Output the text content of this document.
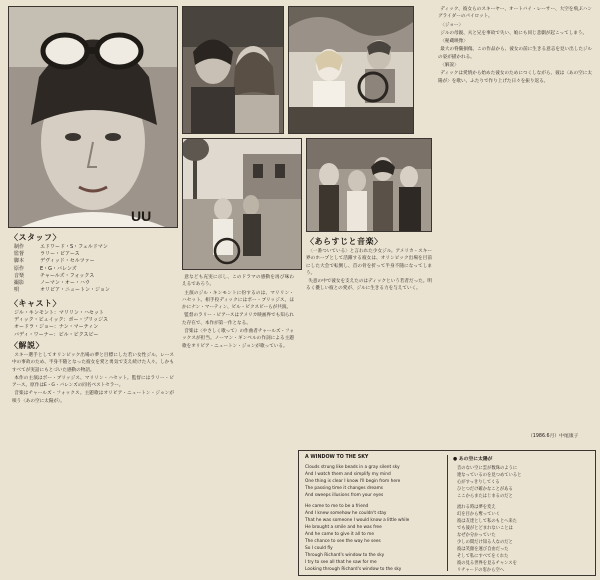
UU
〈スタッフ〉
制作	エドワード・S・フェルドマン
監督	ラリー・ピアース
脚本	デヴィッド・セルツァー
原作	E・G・バレンズ
音楽	チャールズ・フォックス
撮影	ノーマン・オー・ハウ
唄	オリビア・ニュートン・ジョン
〈キャスト〉
ジル・キンモント：マリリン・ハセット
ディック・ビュイック：ボー・ブリッジス
オードラ・ジョー：ナン・マーティン
バディ・ワーナー：ビル・ビクスビー
〈解説〉

スキー選手としてオリンピック出場の夢と目標にした若い女性ジル。レース中の事故のため、半身不随となった彼女を愛と勇気で支え続けた人々。しかもすべてが実話にもとづいた感動の物語。

本作の主演はボー・ブリッジス、マリリン・ハセット。監督にはラリー・ピアース。原作はE・G・バレンズの同名ベストセラー。

音楽はチャールズ・フォックス。主題歌はオリビア・ニュートン・ジョンが唄う〈あの空に太陽が〉。

意なども充実に示し、このドラマの感動を再び味わえるであろう。

主演のジル・キンモントに扮するのは、マリリン・ハセット。相手役ディックにはボー・ブリッジス。ほかにナン・マーティン、ビル・ビクスビーらが共演。

監督のラリー・ピアースはアメリカ映画界でも知られた存在で、本作が第一作となる。

音楽は〈やさしく歌って〉の作曲者チャールズ・フォックスが担当。ノーマン・ギンベルの作詞による主題歌をオリビア・ニュートン・ジョンが歌っている。

〈あらすじと音楽〉

〈一番ついている〉と言われた少女ジル。アメリカ・スキー界のホープとして活躍する彼女は、オリンピック出場を目前にした大会で転倒し、首の骨を折って半身不随になってしまう。

失意の中で彼女を支えたのはディックという若者だった。明るく優しい彼との愛が、ジルに生きる力を与えていく。

ディック、彼女らのスキーヤー、オートバイ・レーサー、大空を飛ぶハングライダーのパイロット。

〈ジョー〉

ジルの母親、夫と兄を事故で失い、娘にも同じ悲劇が起こってしまう。

〈秘蔵映像〉

最大の脊髄損傷。この作品から、彼女の前に生きる意志を見い出したジルの姿が描かれる。

〈解説〉

ディックは愛情から始めた彼女のためにつくしながら、彼は〈あの空に太陽が〉を歌い、ふたりで作り上げた日々を振り返る。

（1986.6月）中尾康子
A WINDOW TO THE SKY
Clouds strung like beads in a gray silent sky
And I watch them and simplify my mind
One thing is clear I know I'll begin from here
The passing time it changes dreams
And sweeps illusions from your eyes
He came to me to be a friend
And I knew somehow he couldn't stay
That he was someone I would know a little while
He brought a smile and he was free
And he came to give it all to me
The chance to see the way he sees
So I could fly
Through Richard's window to the sky
I try to see all that he saw for me
Looking through Richard's window to the sky
● あの空に太陽が
音のない空に雲が数珠のように
連なっているのを見つめていると
心がすっきりしてくる
ひとつだけ確かなことがある
ここからまたはじまるのだと
流れる時は夢を変え
幻を目から奪っていく
彼は友達として私のもとへ来た
でも彼がとどまれないことは
なぜか分かっていた
少しの間だけ知る人なのだと
彼は笑顔を運び自由だった
そして私にすべてをくれた
彼の見る世界を見るチャンスを
リチャードの窓から空へ
